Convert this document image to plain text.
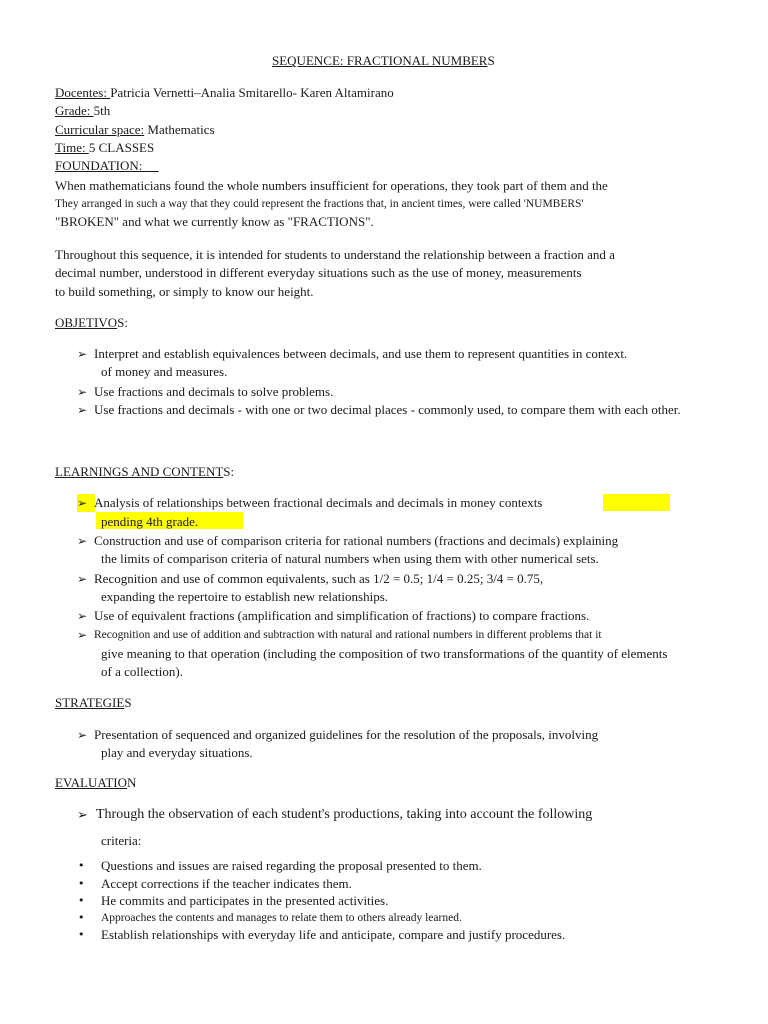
SEQUENCE: FRACTIONAL NUMBERS
Docentes: Patricia Vernetti–Analia Smitarello- Karen Altamirano
Grade: 5th
Curricular space: Mathematics
Time: 5 CLASSES
FOUNDATION:
When mathematicians found the whole numbers insufficient for operations, they took part of them and the
They arranged in such a way that they could represent the fractions that, in ancient times, were called 'NUMBERS'
"BROKEN" and what we currently know as "FRACTIONS".
Throughout this sequence, it is intended for students to understand the relationship between a fraction and a
decimal number, understood in different everyday situations such as the use of money, measurements
to build something, or simply to know our height.
OBJETIVOS:
➢ Interpret and establish equivalences between decimals, and use them to represent quantities in context.
of money and measures.
➢ Use fractions and decimals to solve problems.
➢ Use fractions and decimals - with one or two decimal places - commonly used, to compare them with each other.
LEARNINGS AND CONTENTS:
➢ Analysis of relationships between fractional decimals and decimals in money contexts
pending 4th grade.
➢ Construction and use of comparison criteria for rational numbers (fractions and decimals) explaining
the limits of comparison criteria of natural numbers when using them with other numerical sets.
➢ Recognition and use of common equivalents, such as 1/2 = 0.5; 1/4 = 0.25; 3/4 = 0.75,
expanding the repertoire to establish new relationships.
➢ Use of equivalent fractions (amplification and simplification of fractions) to compare fractions.
➢ Recognition and use of addition and subtraction with natural and rational numbers in different problems that it
give meaning to that operation (including the composition of two transformations of the quantity of elements
of a collection).
STRATEGIES
➢ Presentation of sequenced and organized guidelines for the resolution of the proposals, involving
play and everyday situations.
EVALUATION
➢ Through the observation of each student's productions, taking into account the following
criteria:
• Questions and issues are raised regarding the proposal presented to them.
• Accept corrections if the teacher indicates them.
• He commits and participates in the presented activities.
• Approaches the contents and manages to relate them to others already learned.
• Establish relationships with everyday life and anticipate, compare and justify procedures.
